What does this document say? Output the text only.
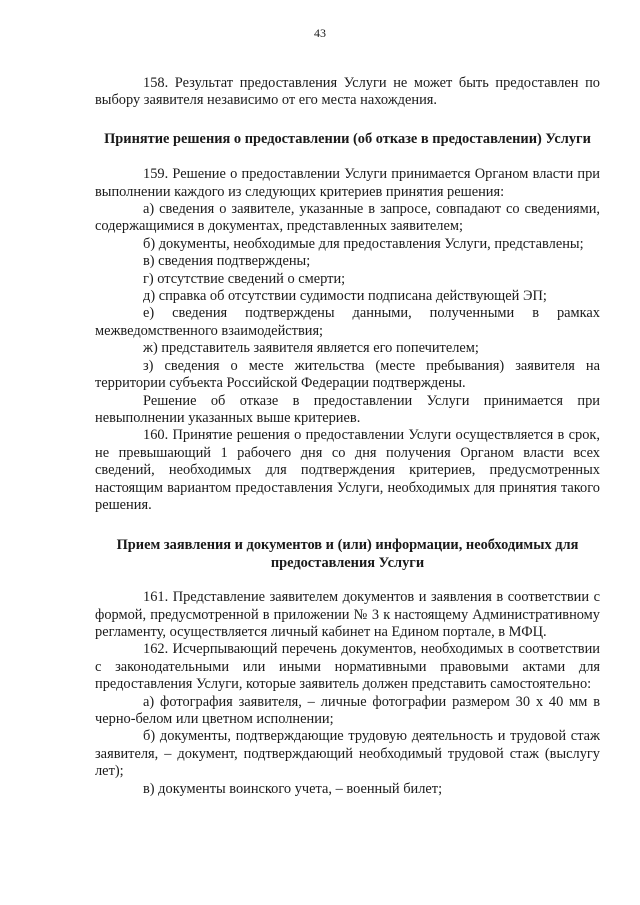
43

158. Результат предоставления Услуги не может быть предоставлен по выбору заявителя независимо от его места нахождения.

Принятие решения о предоставлении (об отказе в предоставлении) Услуги

159. Решение о предоставлении Услуги принимается Органом власти при выполнении каждого из следующих критериев принятия решения:

а) сведения о заявителе, указанные в запросе, совпадают со сведениями, содержащимися в документах, представленных заявителем;

б) документы, необходимые для предоставления Услуги, представлены;

в) сведения подтверждены;

г) отсутствие сведений о смерти;

д) справка об отсутствии судимости подписана действующей ЭП;

е) сведения подтверждены данными, полученными в рамках межведомственного взаимодействия;

ж) представитель заявителя является его попечителем;

з) сведения о месте жительства (месте пребывания) заявителя на территории субъекта Российской Федерации подтверждены.

Решение об отказе в предоставлении Услуги принимается при невыполнении указанных выше критериев.

160. Принятие решения о предоставлении Услуги осуществляется в срок, не превышающий 1 рабочего дня со дня получения Органом власти всех сведений, необходимых для подтверждения критериев, предусмотренных настоящим вариантом предоставления Услуги, необходимых для принятия такого решения.

Прием заявления и документов и (или) информации, необходимых для предоставления Услуги

161. Представление заявителем документов и заявления в соответствии с формой, предусмотренной в приложении № 3 к настоящему Административному регламенту, осуществляется личный кабинет на Едином портале, в МФЦ.

162. Исчерпывающий перечень документов, необходимых в соответствии с законодательными или иными нормативными правовыми актами для предоставления Услуги, которые заявитель должен представить самостоятельно:

а) фотография заявителя, – личные фотографии размером 30 х 40 мм в черно-белом или цветном исполнении;

б) документы, подтверждающие трудовую деятельность и трудовой стаж заявителя, – документ, подтверждающий необходимый трудовой стаж (выслугу лет);

в) документы воинского учета, – военный билет;
